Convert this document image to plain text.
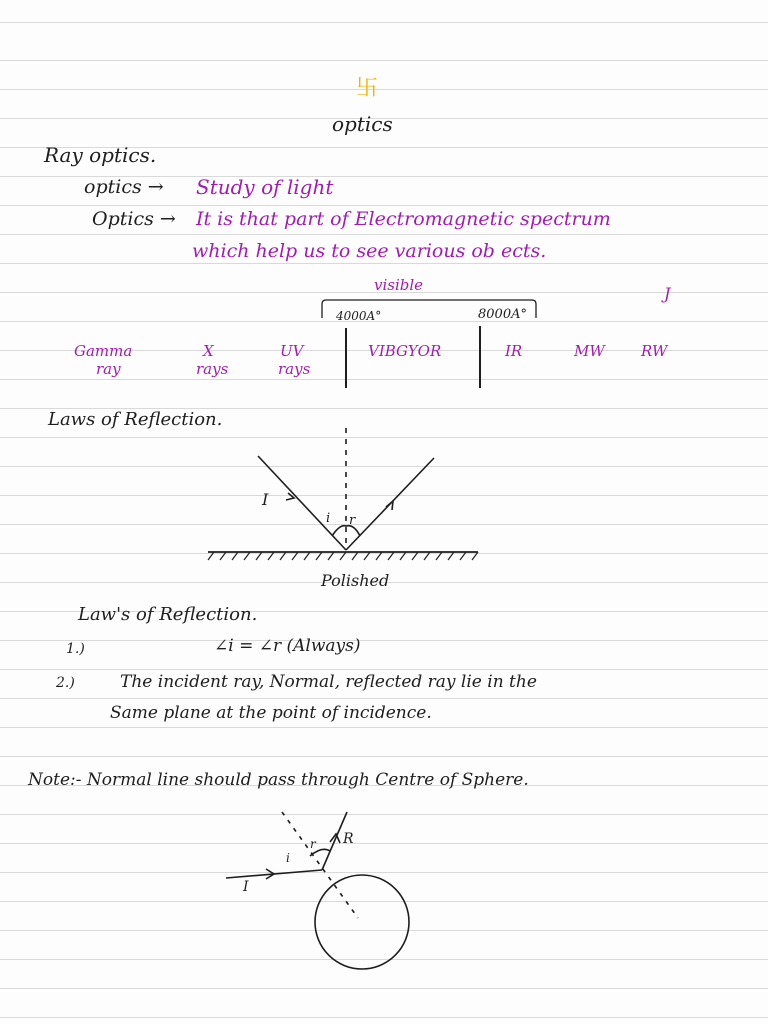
卐
optics
Ray optics.
optics → Study of light
Optics → It is that part of Electromagnetic spectrum
which help us to see various ob ects.
visible
4000A°	8000A°
J
Gamma
ray
X
rays
UV
rays
VIBGYOR	IR	MW RW
Laws of Reflection.
I
i r
Polished
Law's of Reflection.
1.)	∠i = ∠r (Always)
2.)	The incident ray, Normal, reflected ray lie in the
Same plane at the point of incidence.
Note:- Normal line should pass through Centre of Sphere.
I
R
i
r
